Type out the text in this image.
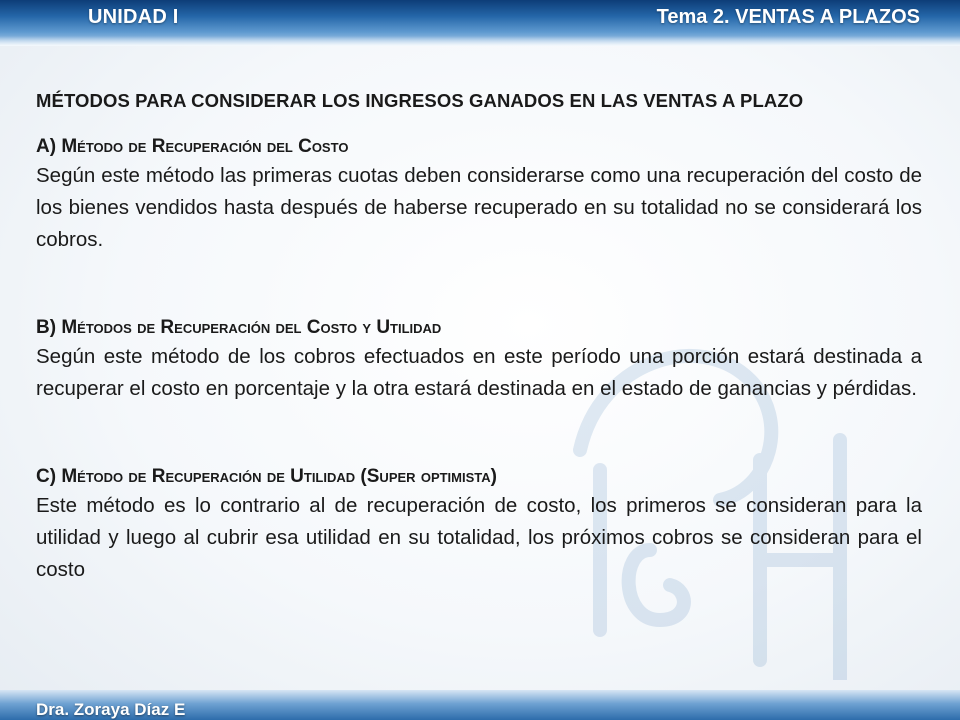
UNIDAD I	Tema 2. VENTAS A PLAZOS
MÉTODOS PARA CONSIDERAR LOS INGRESOS GANADOS EN LAS VENTAS A PLAZO
A) Método de Recuperación del Costo

Según este método las primeras cuotas deben considerarse como una recuperación del costo de los bienes vendidos hasta después de haberse recuperado en su totalidad no se considerará los cobros.

B) Métodos de Recuperación del Costo y Utilidad

Según este método de los cobros efectuados en este período una porción estará destinada a recuperar el costo en porcentaje y la otra estará destinada en el estado de ganancias y pérdidas.

C) Método de Recuperación de Utilidad (Super optimista)

Este método es lo contrario al de recuperación de costo, los primeros se consideran para la utilidad y luego al cubrir esa utilidad en su totalidad, los próximos cobros se consideran para el costo

Dra. Zoraya Díaz E
